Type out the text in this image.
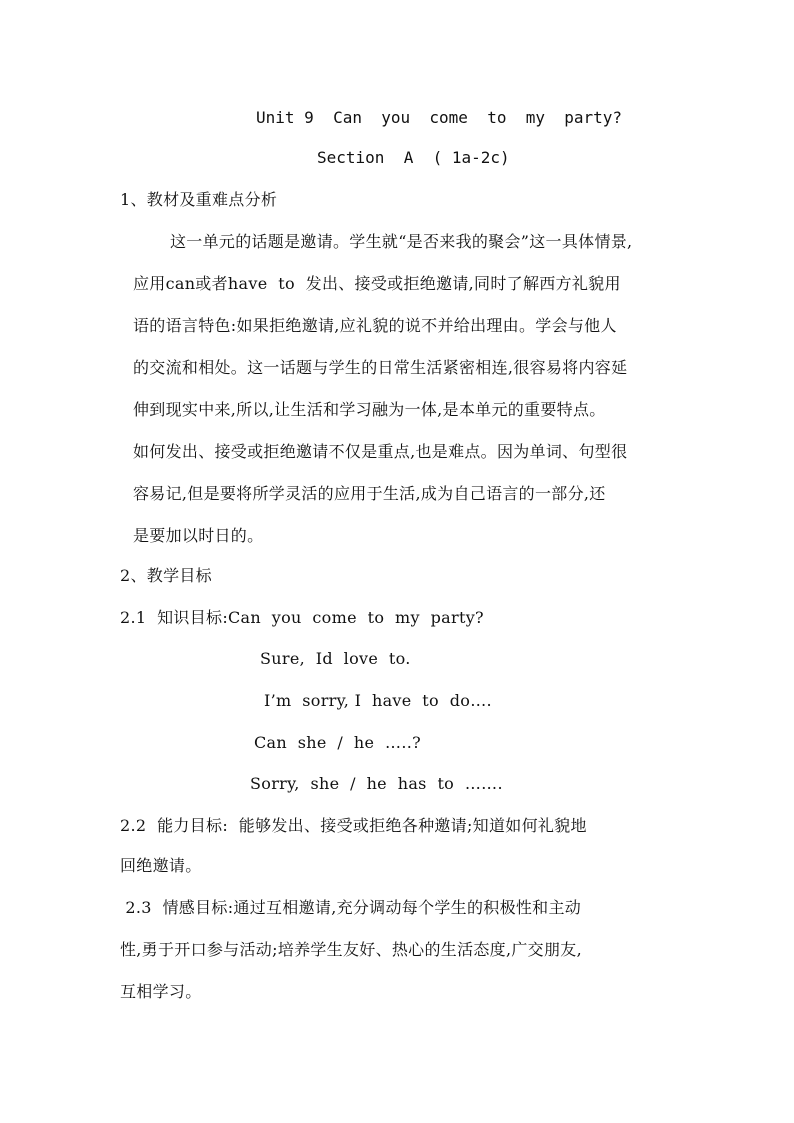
Unit 9  Can  you  come  to  my  party?
Section  A  ( 1a-2c)
1、教材及重难点分析
这一单元的话题是邀请。学生就“是否来我的聚会”这一具体情景,
应用can或者have  to  发出、接受或拒绝邀请,同时了解西方礼貌用
语的语言特色:如果拒绝邀请,应礼貌的说不并给出理由。学会与他人
的交流和相处。这一话题与学生的日常生活紧密相连,很容易将内容延
伸到现实中来,所以,让生活和学习融为一体,是本单元的重要特点。
如何发出、接受或拒绝邀请不仅是重点,也是难点。因为单词、句型很
容易记,但是要将所学灵活的应用于生活,成为自己语言的一部分,还
是要加以时日的。
2、教学目标
2.1  知识目标:Can  you  come  to  my  party?
Sure,  Id  love  to.
I’m  sorry, I  have  to  do….
Can  she  /  he  …..?
Sorry,  she  /  he  has  to  …….
2.2  能力目标:  能够发出、接受或拒绝各种邀请;知道如何礼貌地
回绝邀请。
2.3  情感目标:通过互相邀请,充分调动每个学生的积极性和主动
性,勇于开口参与活动;培养学生友好、热心的生活态度,广交朋友,
互相学习。
